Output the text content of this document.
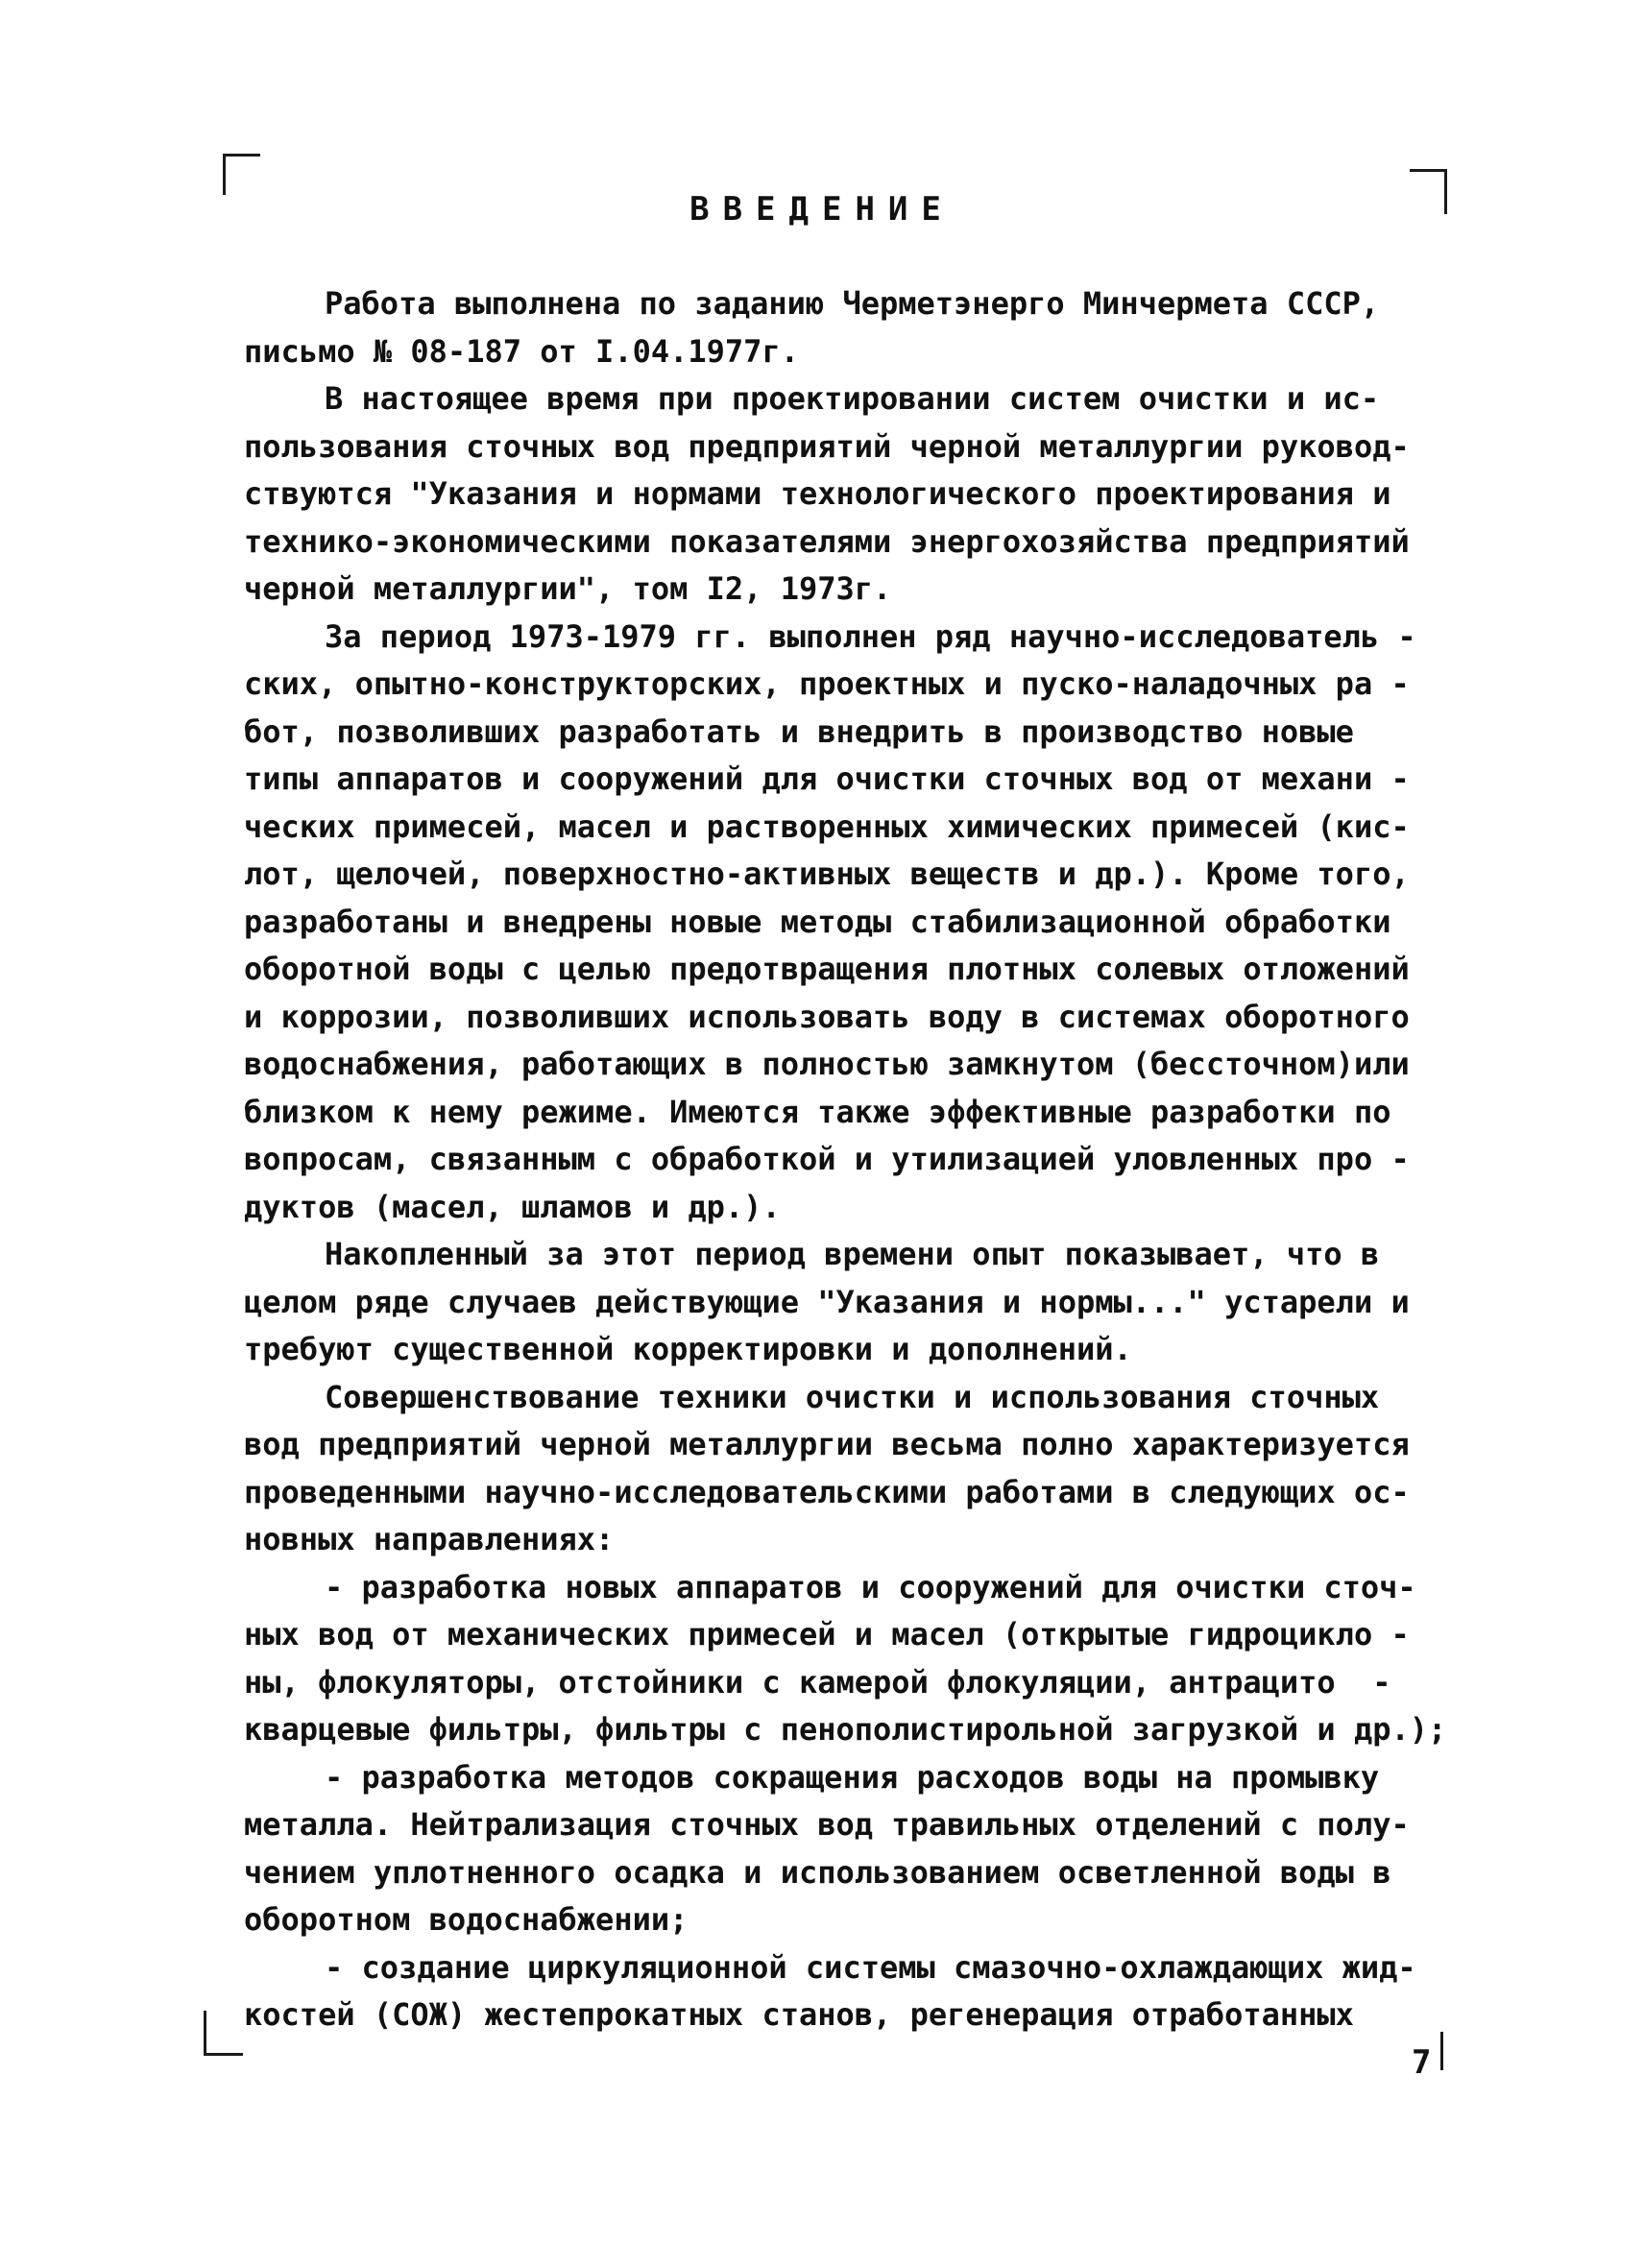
ВВЕДЕНИЕ
Работа выполнена по заданию Черметэнерго Минчермета СССР,
письмо № 08-187 от I.04.1977г.
В настоящее время при проектировании систем очистки и ис-
пользования сточных вод предприятий черной металлургии руковод-
ствуются "Указания и нормами технологического проектирования и
технико-экономическими показателями энергохозяйства предприятий
черной металлургии", том I2, 1973г.
За период 1973-1979 гг. выполнен ряд научно-исследователь -
ских, опытно-конструкторских, проектных и пуско-наладочных ра -
бот, позволивших разработать и внедрить в производство новые
типы аппаратов и сооружений для очистки сточных вод от механи -
ческих примесей, масел и растворенных химических примесей (кис-
лот, щелочей, поверхностно-активных веществ и др.). Кроме того,
разработаны и внедрены новые методы стабилизационной обработки
оборотной воды с целью предотвращения плотных солевых отложений
и коррозии, позволивших использовать воду в системах оборотного
водоснабжения, работающих в полностью замкнутом (бессточном)или
близком к нему режиме. Имеются также эффективные разработки по
вопросам, связанным с обработкой и утилизацией уловленных про -
дуктов (масел, шламов и др.).
Накопленный за этот период времени опыт показывает, что в
целом ряде случаев действующие "Указания и нормы..." устарели и
требуют существенной корректировки и дополнений.
Совершенствование техники очистки и использования сточных
вод предприятий черной металлургии весьма полно характеризуется
проведенными научно-исследовательскими работами в следующих ос-
новных направлениях:
- разработка новых аппаратов и сооружений для очистки сточ-
ных вод от механических примесей и масел (открытые гидроцикло -
ны, флокуляторы, отстойники с камерой флокуляции, антрацито  -
кварцевые фильтры, фильтры с пенополистирольной загрузкой и др.);
- разработка методов сокращения расходов воды на промывку
металла. Нейтрализация сточных вод травильных отделений с полу-
чением уплотненного осадка и использованием осветленной воды в
оборотном водоснабжении;
- создание циркуляционной системы смазочно-охлаждающих жид-
костей (СОЖ) жестепрокатных станов, регенерация отработанных
7
